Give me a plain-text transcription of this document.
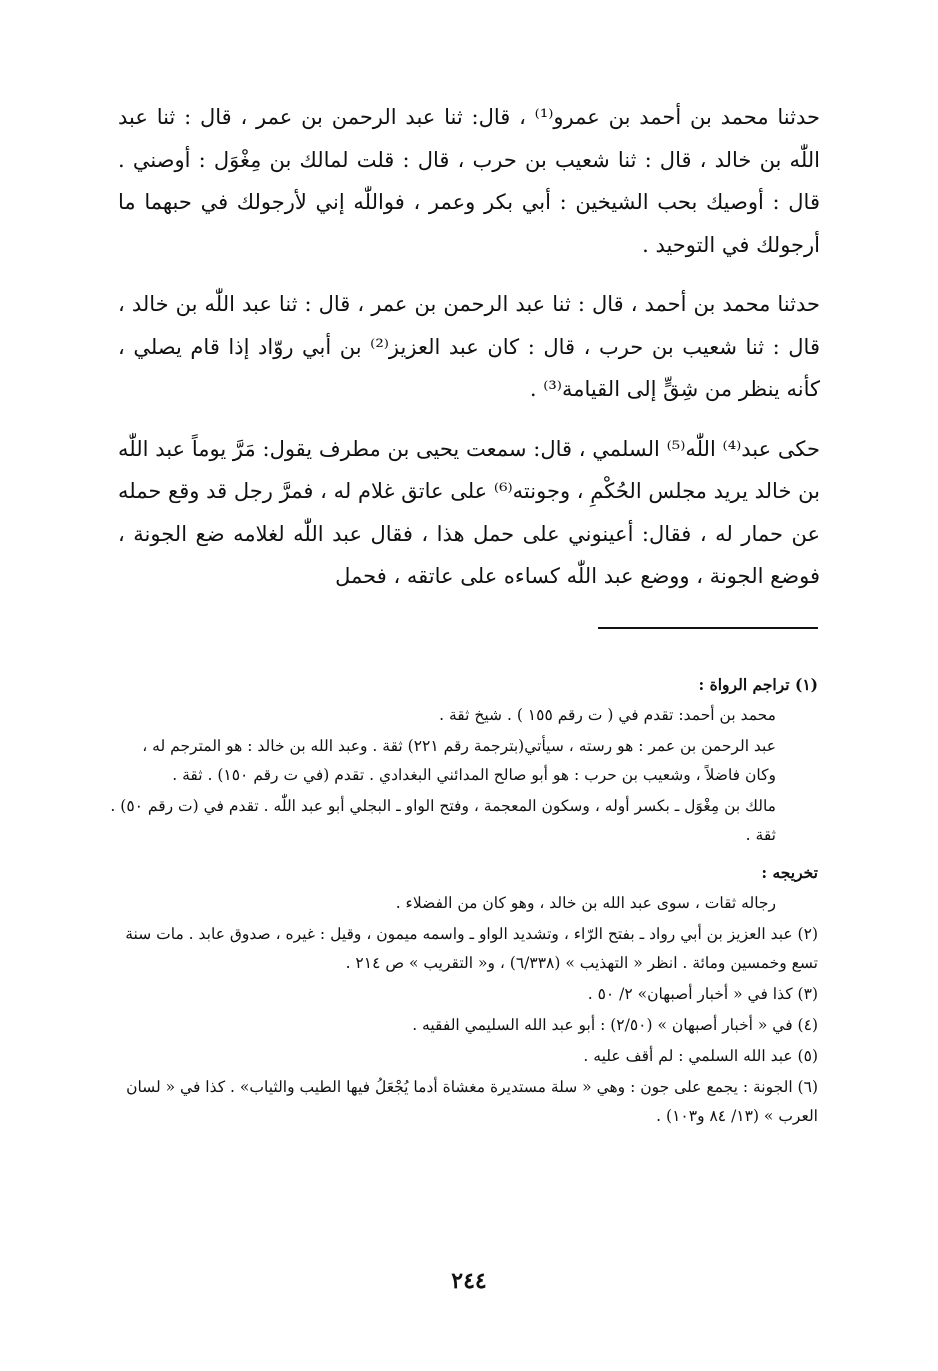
حدثنا محمد بن أحمد بن عمرو⁽¹⁾ ، قال: ثنا عبد الرحمن بن عمر ، قال : ثنا عبد اللّٰه بن خالد ، قال : ثنا شعيب بن حرب ، قال : قلت لمالك بن مِغْوَل : أوصني . قال : أوصيك بحب الشيخين : أبي بكر وعمر ، فواللّٰه إني لأرجولك في حبهما ما أرجولك في التوحيد .

حدثنا محمد بن أحمد ، قال : ثنا عبد الرحمن بن عمر ، قال : ثنا عبد اللّٰه بن خالد ، قال : ثنا شعيب بن حرب ، قال : كان عبد العزيز⁽²⁾ بن أبي روّاد إذا قام يصلي ، كأنه ينظر من شِقٍّ إلى القيامة⁽³⁾ .

حكى عبد⁽⁴⁾ اللّٰه⁽⁵⁾ السلمي ، قال: سمعت يحيى بن مطرف يقول: مَرَّ يوماً عبد اللّٰه بن خالد يريد مجلس الحُكْمِ ، وجونته⁽⁶⁾ على عاتق غلام له ، فمرَّ رجل قد وقع حمله عن حمار له ، فقال: أعينوني على حمل هذا ، فقال عبد اللّٰه لغلامه ضع الجونة ، فوضع الجونة ، ووضع عبد اللّٰه كساءه على عاتقه ، فحمل

(١) تراجم الرواة :

محمد بن أحمد: تقدم في ( ت رقم ١٥٥ ) . شيخ ثقة .

عبد الرحمن بن عمر : هو رسته ، سيأتي(بترجمة رقم ٢٢١) ثقة . وعبد الله بن خالد : هو المترجم له ، وكان فاضلاً ، وشعيب بن حرب : هو أبو صالح المدائني البغدادي . تقدم (في ت رقم ١٥٠) . ثقة .

مالك بن مِغْوَل ـ بكسر أوله ، وسكون المعجمة ، وفتح الواو ـ البجلي أبو عبد اللّٰه . تقدم في (ت رقم ٥٠) . ثقة .

تخريجه :

رجاله ثقات ، سوى عبد الله بن خالد ، وهو كان من الفضلاء .

(٢) عبد العزيز بن أبي رواد ـ بفتح الرّاء ، وتشديد الواو ـ واسمه ميمون ، وقيل : غيره ، صدوق عابد . مات سنة تسع وخمسين ومائة . انظر « التهذيب » (٦/٣٣٨) ، و« التقريب » ص ٢١٤ .

(٣) كذا في « أخبار أصبهان» ٢/ ٥٠ .

(٤) في « أخبار أصبهان » (٢/٥٠) : أبو عبد الله السليمي الفقيه .

(٥) عبد الله السلمي : لم أقف عليه .

(٦) الجونة : يجمع على جون : وهي « سلة مستديرة مغشاة أدما يُجْعَلُ فيها الطيب والثياب» . كذا في « لسان العرب » (١٣/ ٨٤ و١٠٣) .

٢٤٤
